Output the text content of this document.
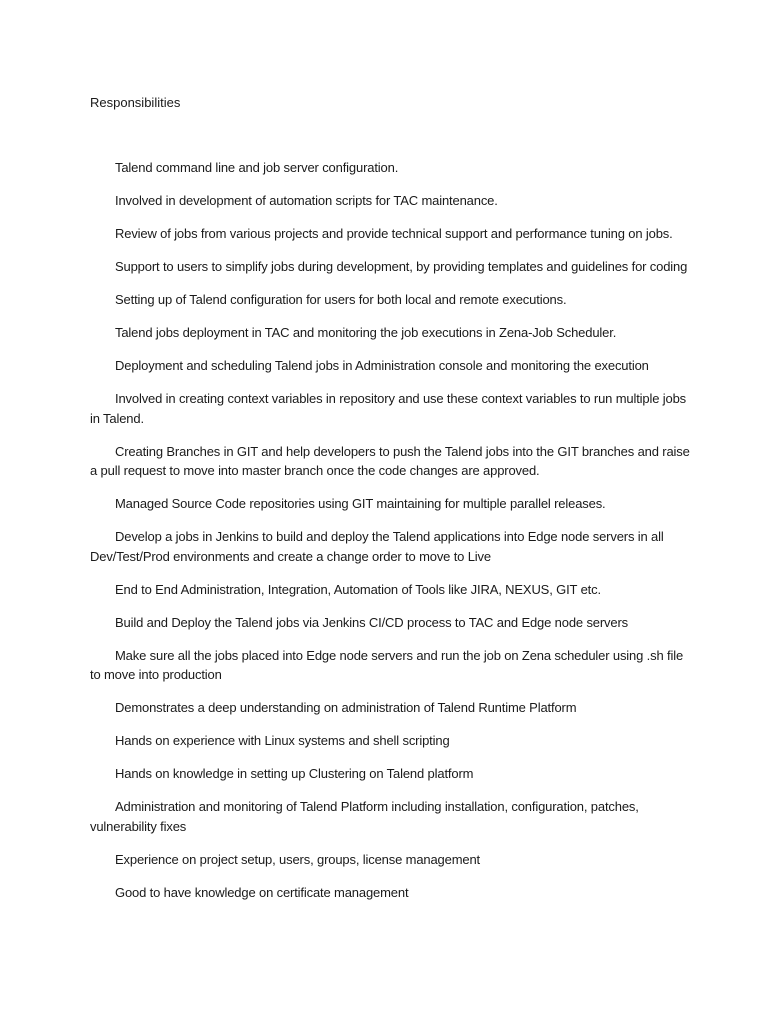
Responsibilities
Talend command line and job server configuration.
Involved in development of automation scripts for TAC maintenance.
Review of jobs from various projects and provide technical support and performance tuning on jobs.
Support to users to simplify jobs during development, by providing templates and guidelines for coding
Setting up of Talend configuration for users for both local and remote executions.
Talend jobs deployment in TAC and monitoring the job executions in Zena-Job Scheduler.
Deployment and scheduling Talend jobs in Administration console and monitoring the execution
Involved in creating context variables in repository and use these context variables to run multiple jobs in Talend.
Creating Branches in GIT and help developers to push the Talend jobs into the GIT branches and raise a pull request to move into master branch once the code changes are approved.
Managed Source Code repositories using GIT maintaining for multiple parallel releases.
Develop a jobs in Jenkins to build and deploy the Talend applications into Edge node servers in all Dev/Test/Prod environments and create a change order to move to Live
End to End Administration, Integration, Automation of Tools like JIRA, NEXUS, GIT etc.
Build and Deploy the Talend jobs via Jenkins CI/CD process to TAC and Edge node servers
Make sure all the jobs placed into Edge node servers and run the job on Zena scheduler using .sh file to move into production
Demonstrates a deep understanding on administration of Talend Runtime Platform
Hands on experience with Linux systems and shell scripting
Hands on knowledge in setting up Clustering on Talend platform
Administration and monitoring of Talend Platform including installation, configuration, patches, vulnerability fixes
Experience on project setup, users, groups, license management
Good to have knowledge on certificate management
